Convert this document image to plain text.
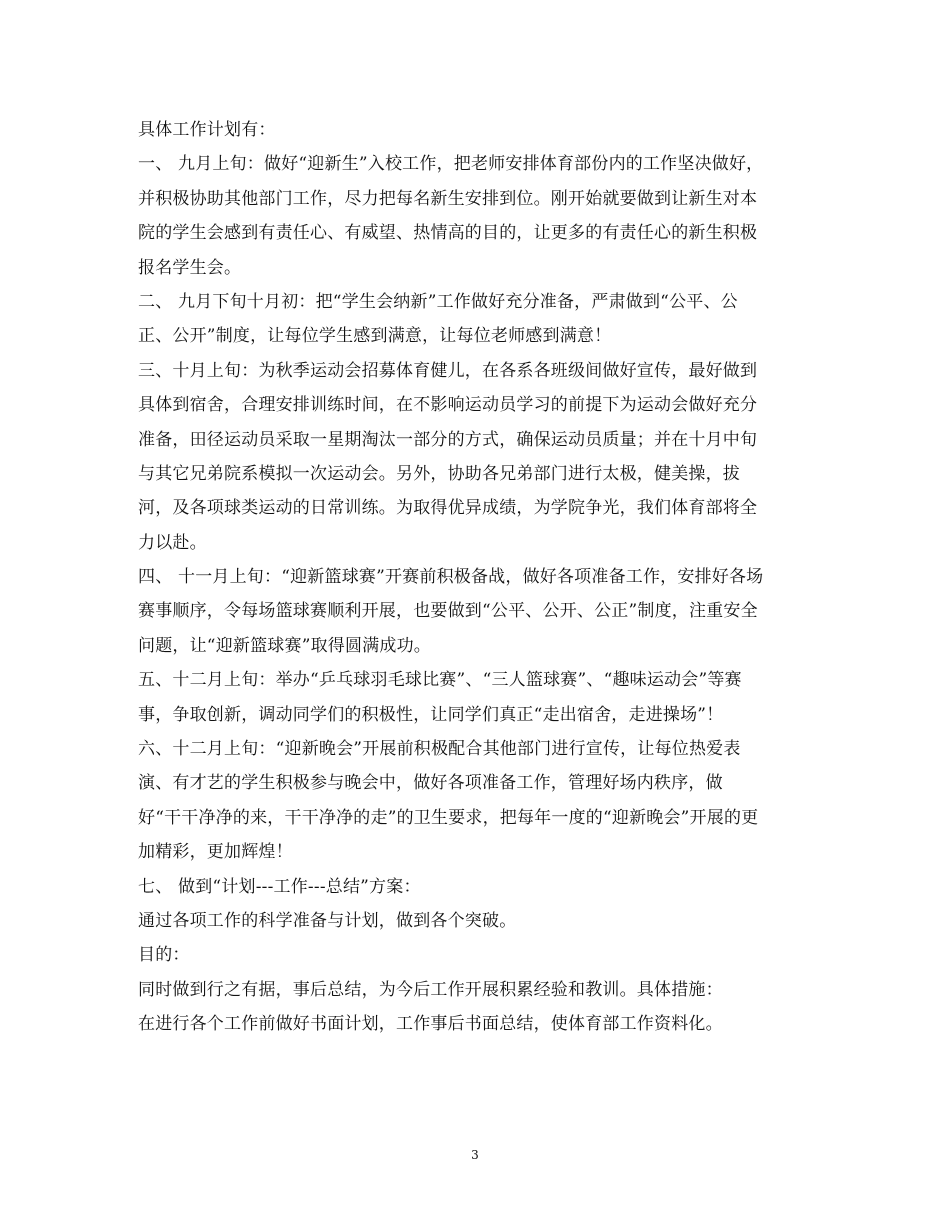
具体工作计划有：
一、 九月上旬：做好“迎新生”入校工作，把老师安排体育部份内的工作坚决做好，
并积极协助其他部门工作，尽力把每名新生安排到位。刚开始就要做到让新生对本
院的学生会感到有责任心、有威望、热情高的目的，让更多的有责任心的新生积极
报名学生会。
二、 九月下旬十月初：把“学生会纳新”工作做好充分准备，严肃做到“公平、公
正、公开”制度，让每位学生感到满意，让每位老师感到满意！
三、十月上旬：为秋季运动会招募体育健儿，在各系各班级间做好宣传，最好做到
具体到宿舍，合理安排训练时间，在不影响运动员学习的前提下为运动会做好充分
准备，田径运动员采取一星期淘汰一部分的方式，确保运动员质量；并在十月中旬
与其它兄弟院系模拟一次运动会。另外，协助各兄弟部门进行太极，健美操，拔
河，及各项球类运动的日常训练。为取得优异成绩，为学院争光，我们体育部将全
力以赴。
四、 十一月上旬：“迎新篮球赛”开赛前积极备战，做好各项准备工作，安排好各场
赛事顺序，令每场篮球赛顺利开展，也要做到“公平、公开、公正”制度，注重安全
问题，让“迎新篮球赛”取得圆满成功。
五、十二月上旬：举办“乒乓球羽毛球比赛”、“三人篮球赛”、“趣味运动会”等赛
事，争取创新，调动同学们的积极性，让同学们真正“走出宿舍，走进操场”！
六、十二月上旬：“迎新晚会”开展前积极配合其他部门进行宣传，让每位热爱表
演、有才艺的学生积极参与晚会中，做好各项准备工作，管理好场内秩序，做
好“干干净净的来，干干净净的走”的卫生要求，把每年一度的“迎新晚会”开展的更
加精彩，更加辉煌！
七、 做到“计划---工作---总结”方案：
通过各项工作的科学准备与计划，做到各个突破。
目的：
同时做到行之有据，事后总结，为今后工作开展积累经验和教训。具体措施：
在进行各个工作前做好书面计划，工作事后书面总结，使体育部工作资料化。
3
